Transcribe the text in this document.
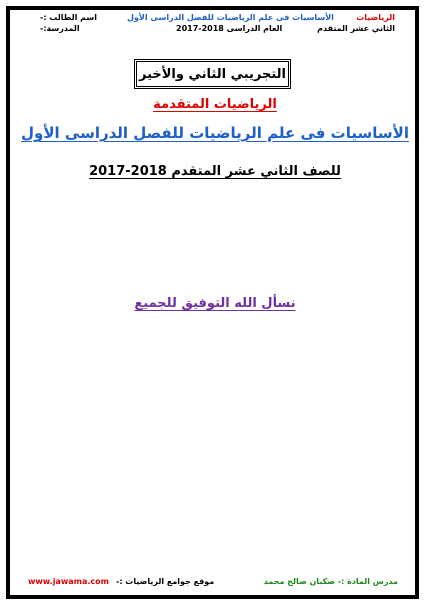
الرياضيات
الثاني عشر المتقدم
الأساسيات فى علم الرياضيات للفصل الدراسى الأول
العام الدراسى 2018-2017
اسم الطالب :-
المدرسة:-
التجريبي الثاني والأخير
الرياضيات المتقدمة
الأساسيات فى علم الرياضيات للفصل الدراسى الأول
للصف الثاني عشر المتقدم 2018-2017
نسأل الله التوفيق للجميع
مدرس المادة :- صكبان صالح محمد
موقع جوامع الرياضيات :-
www.jawama.com
